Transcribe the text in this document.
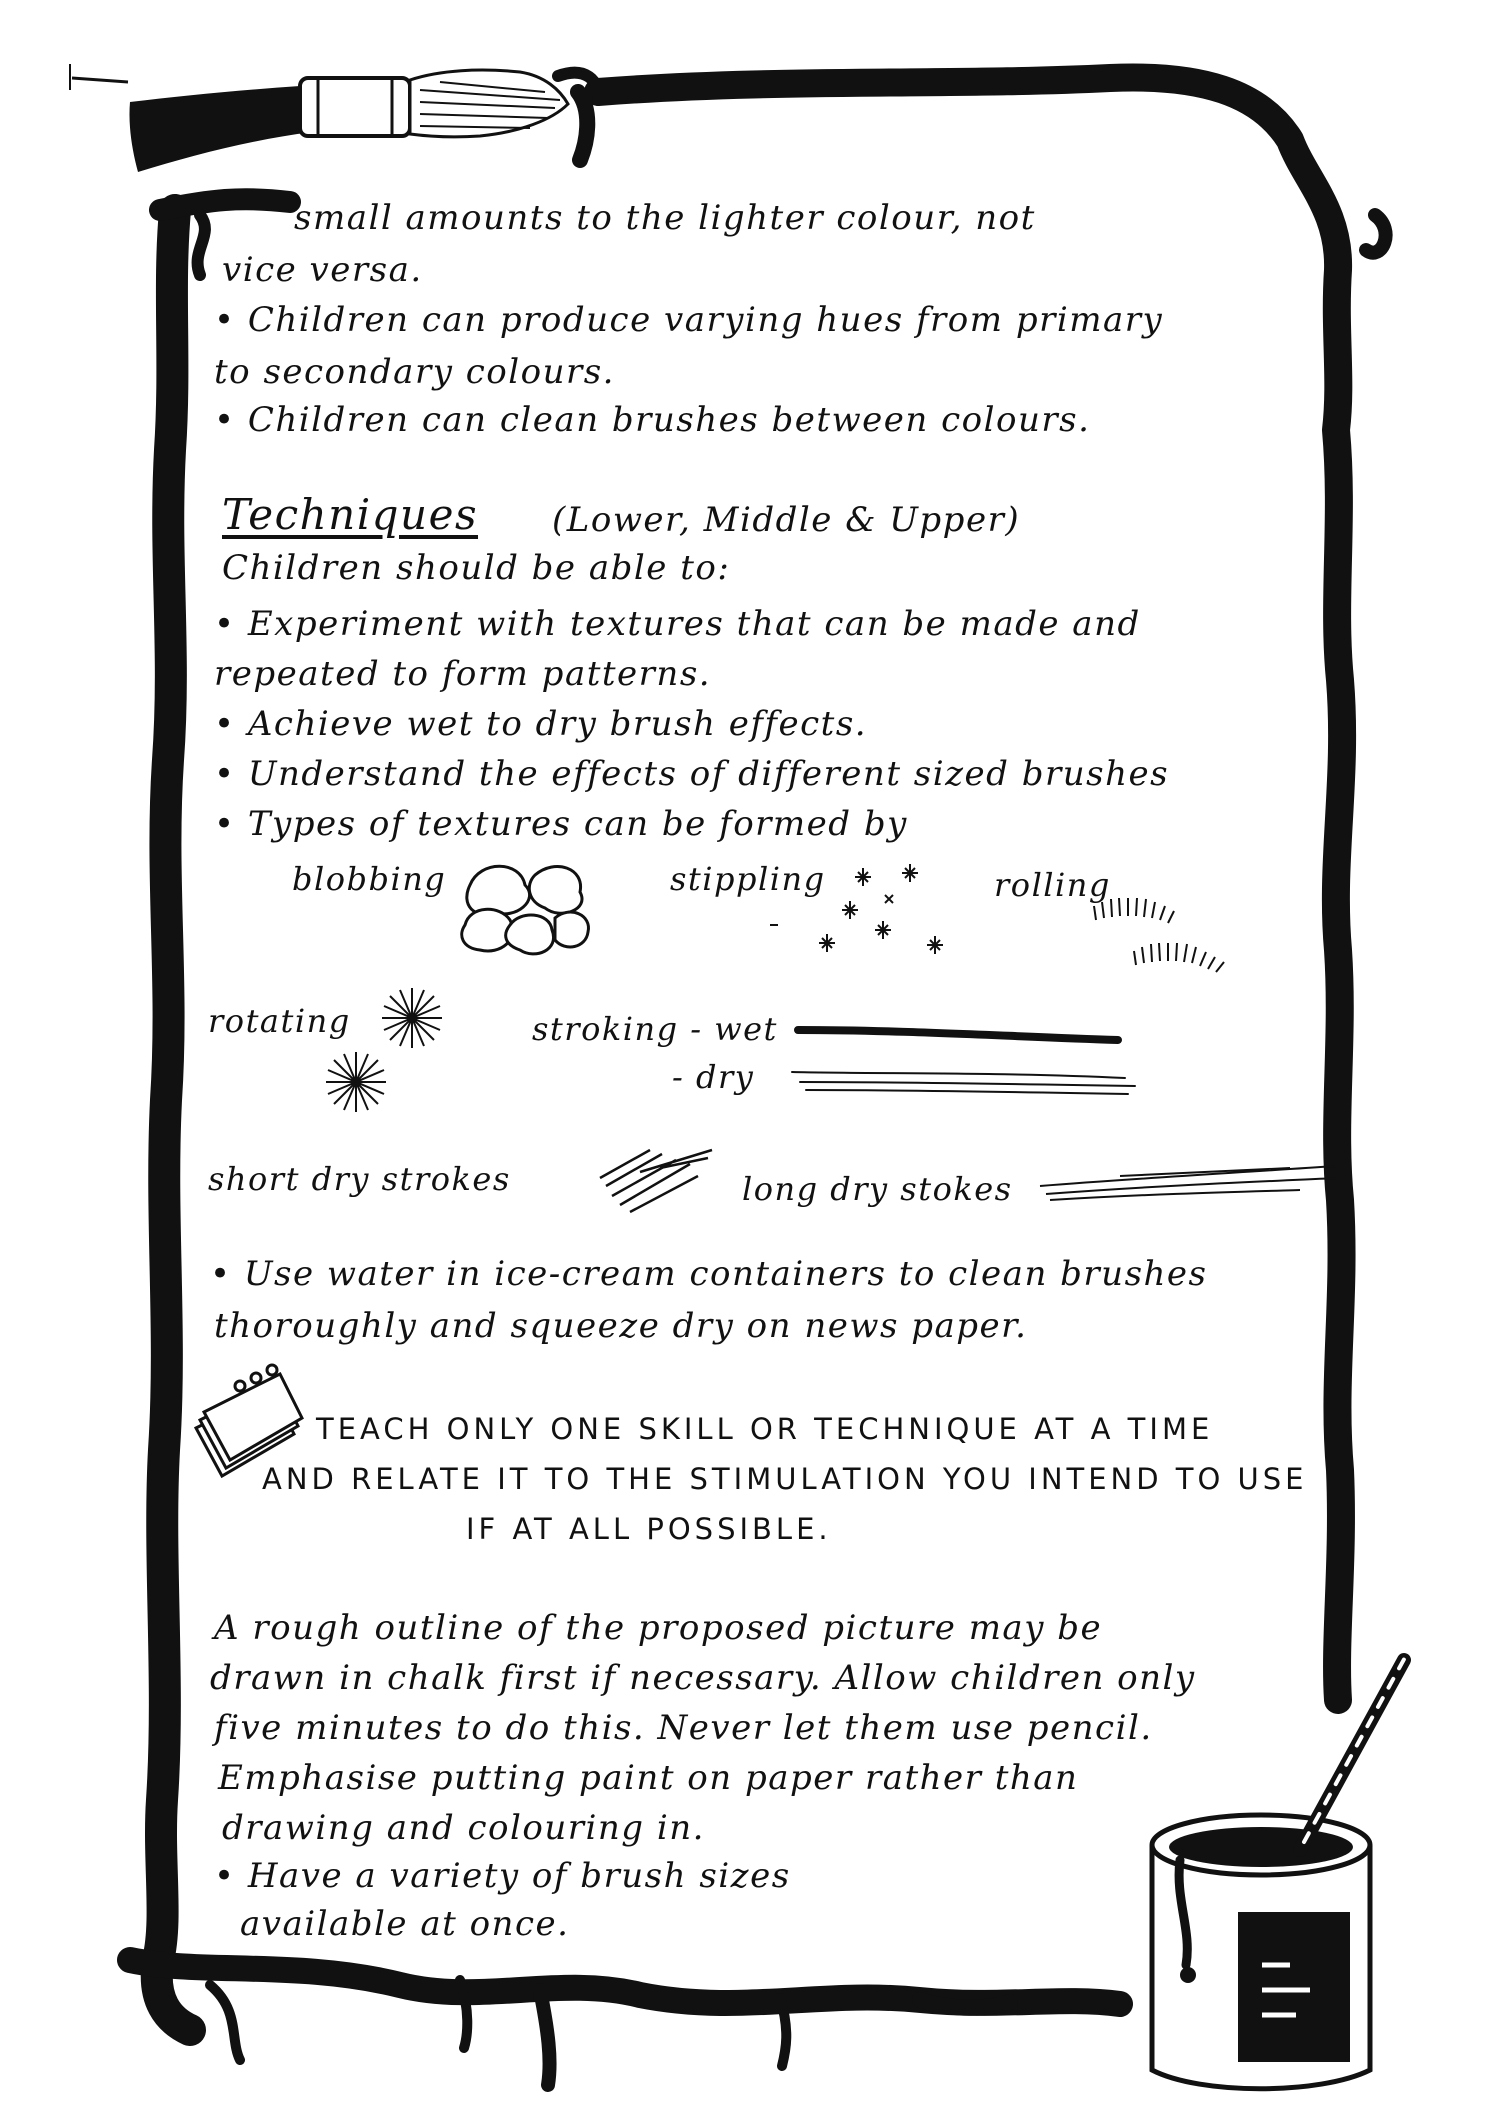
small amounts to the lighter colour, not
vice versa.
• Children can produce varying hues from primary
to secondary colours.
• Children can clean brushes between colours.
Techniques (Lower, Middle & Upper)
Children should be able to:
• Experiment with textures that can be made and
repeated to form patterns.
• Achieve wet to dry brush effects.
• Understand the effects of different sized brushes
• Types of textures can be formed by
blobbing	stippling	rolling
rotating	stroking - wet
- dry
short dry strokes	long dry stokes
• Use water in ice-cream containers to clean brushes
thoroughly and squeeze dry on news paper.
TEACH ONLY ONE SKILL OR TECHNIQUE AT A TIME
AND RELATE IT TO THE STIMULATION YOU INTEND TO USE
IF AT ALL POSSIBLE.
A rough outline of the proposed picture may be
drawn in chalk first if necessary. Allow children only
five minutes to do this. Never let them use pencil.
Emphasise putting paint on paper rather than
drawing and colouring in.
• Have a variety of brush sizes
available at once.
